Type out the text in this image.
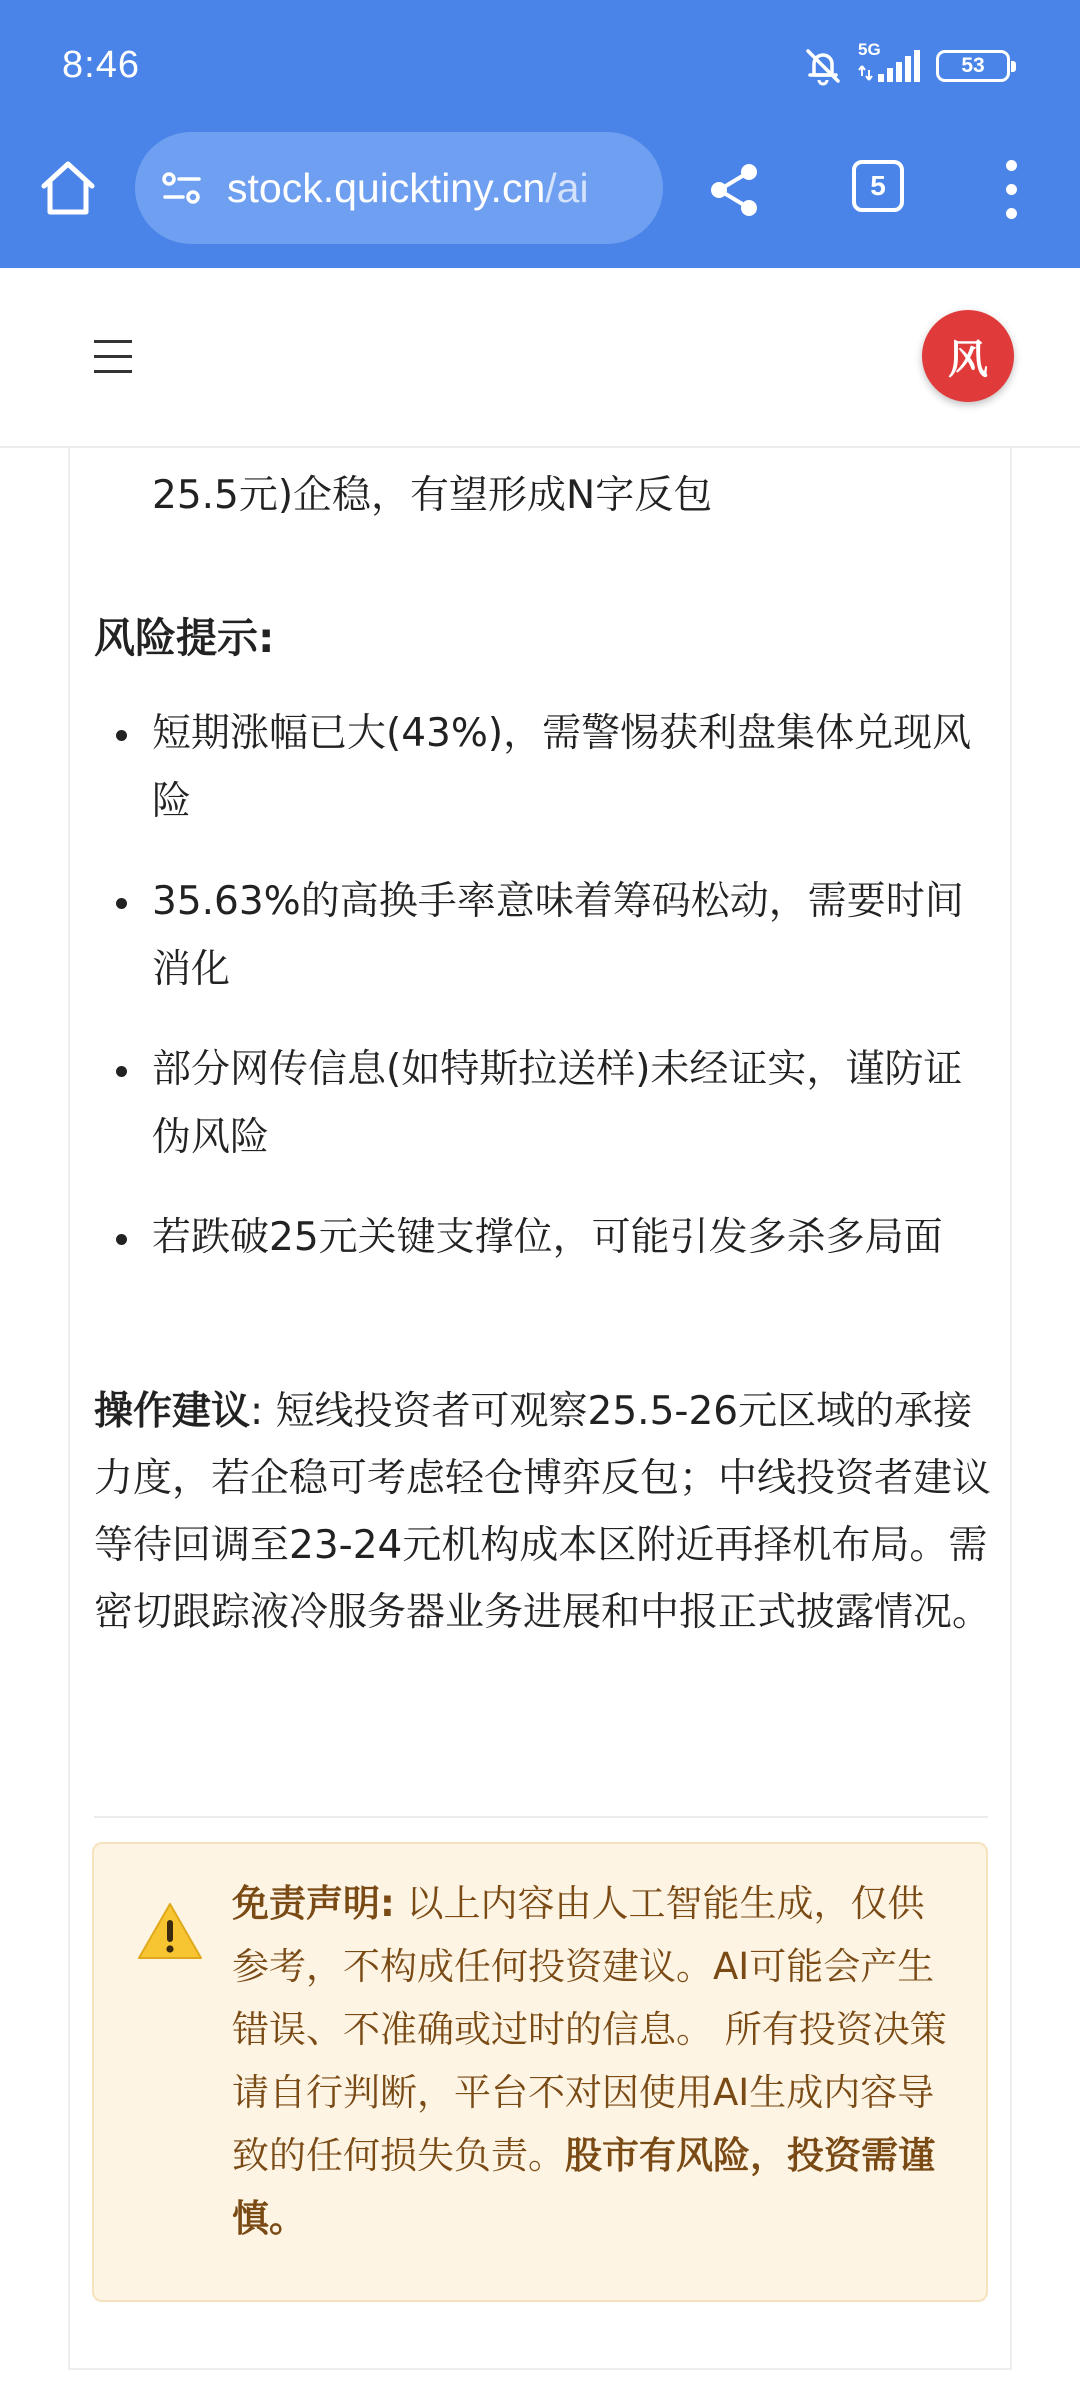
8:46	5G
53
stock.quicktiny.cn/ai	5
风
25.5元)企稳，有望形成N字反包
风险提示:
短期涨幅已大(43%)，需警惕获利盘集体兑现风险
35.63%的高换手率意味着筹码松动，需要时间消化
部分网传信息(如特斯拉送样)未经证实，谨防证伪风险
若跌破25元关键支撑位，可能引发多杀多局面
操作建议: 短线投资者可观察25.5-26元区域的承接力度，若企稳可考虑轻仓博弈反包；中线投资者建议等待回调至23-24元机构成本区附近再择机布局。需密切跟踪液冷服务器业务进展和中报正式披露情况。
免责声明: 以上内容由人工智能生成，仅供参考，不构成任何投资建议。AI可能会产生错误、不准确或过时的信息。 所有投资决策请自行判断，平台不对因使用AI生成内容导致的任何损失负责。股市有风险，投资需谨慎。
